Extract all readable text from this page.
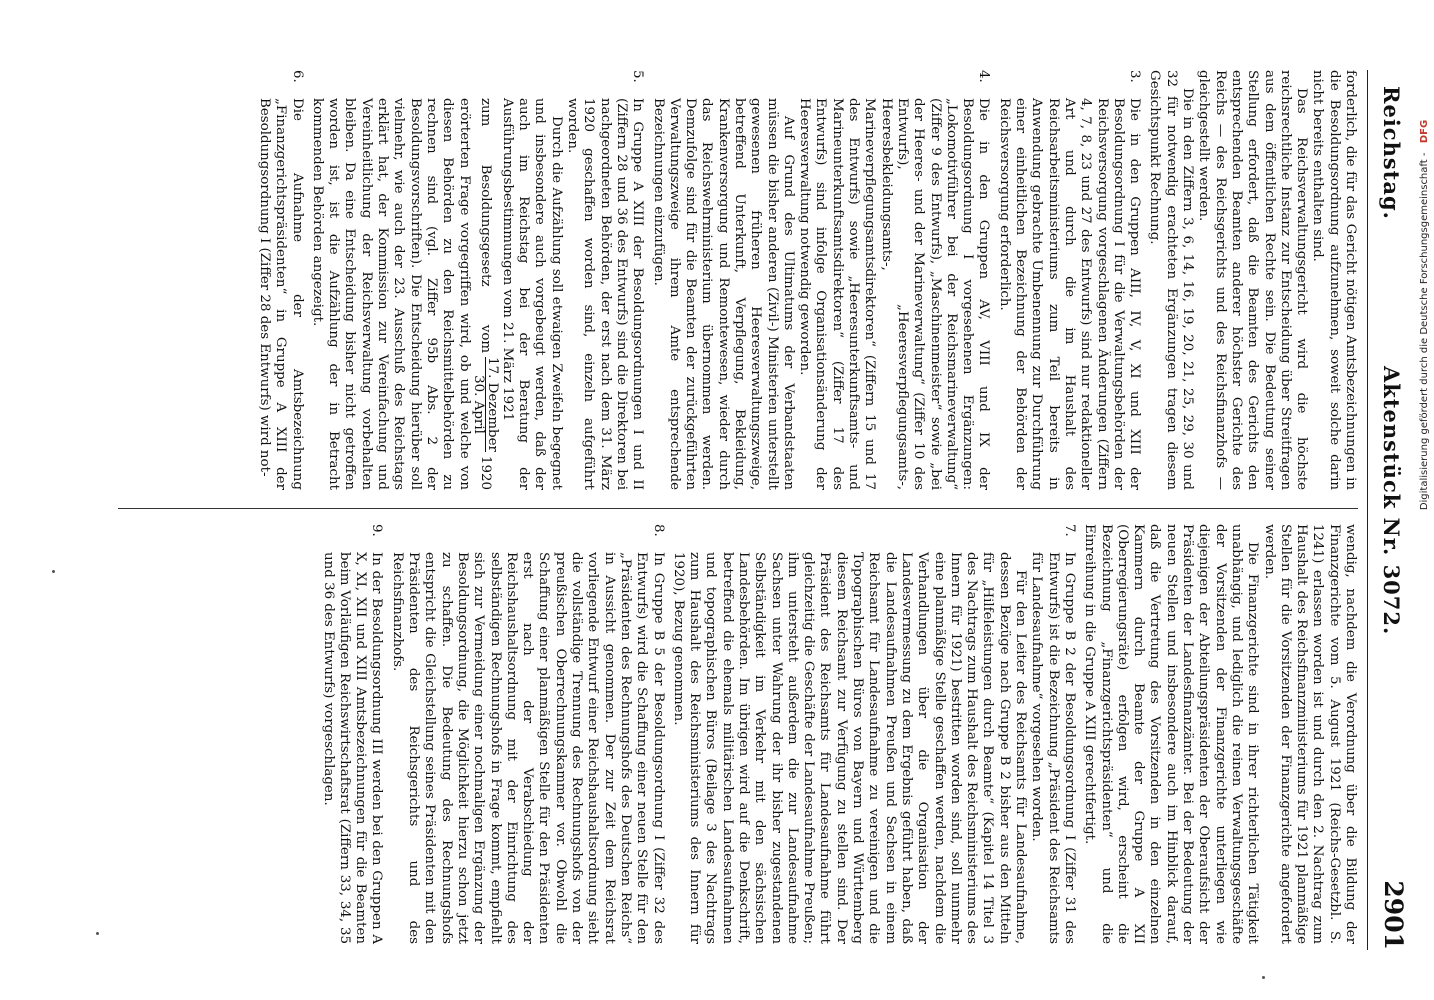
Reichstag.
Aktenstück Nr. 3072.
2901

forderlich, die für das Gericht nötigen Amtsbezeichnungen in die Besoldungsordnung aufzunehmen, soweit solche darin nicht bereits enthalten sind.

Das Reichsverwaltungsgericht wird die höchste reichsrechtliche Instanz zur Entscheidung über Streitfragen aus dem öffentlichen Rechte sein. Die Bedeutung seiner Stellung erfordert, daß die Beamten des Gerichts den entsprechenden Beamten anderer höchster Gerichte des Reichs — des Reichsgerichts und des Reichsfinanzhofs — gleichgestellt werden.

Die in den Ziffern 3, 6, 14, 16, 19, 20, 21, 25, 29, 30 und 32 für notwendig erachteten Ergänzungen tragen diesem Gesichtspunkt Rechnung.

3.

Die in den Gruppen AIII, IV, V, XI und XIII der Besoldungsordnung I für die Verwaltungsbehörden der Reichsversorgung vorgeschlagenen Änderungen (Ziffern 4, 7, 8, 23 und 27 des Entwurfs) sind nur redaktioneller Art und durch die im Haushalt des Reichsarbeitsministeriums zum Teil bereits in Anwendung gebrachte Umbenennung zur Durchführung einer einheitlichen Bezeichnung der Behörden der Reichsversorgung erforderlich.

4.

Die in den Gruppen AV, VIII und IX der Besoldungsordnung I vorgesehenen Ergänzungen: „Lokomotivführer bei der Reichsmarineverwaltung“ (Ziffer 9 des Entwurfs), „Maschinenmeister“ sowie „bei der Heeres- und der Marineverwaltung“ (Ziffer 10 des Entwurfs), „Heeresverpflegungsamts-, Heeresbekleidungsamts-, Marineverpflegungsamtsdirektoren“ (Ziffern 15 und 17 des Entwurfs) sowie „Heeresunterkunftsamts- und Marineunterkunftsamtsdirektoren“ (Ziffer 17 des Entwurfs) sind infolge Organisationsänderung der Heeresverwaltung notwendig geworden.

Auf Grund des Ultimatums der Verbandstaaten müssen die bisher anderen (Zivil-) Ministerien unterstellt gewesenen früheren Heeresverwaltungszweige, betreffend Unterkunft, Verpflegung, Bekleidung, Krankenversorgung und Remontewesen, wieder durch das Reichswehrministerium übernommen werden. Demzufolge sind für die Beamten der zurückgeführten Verwaltungszweige ihrem Amte entsprechende Bezeichnungen einzufügen.

5.

In Gruppe A XIII der Besoldungsordnungen I und II (Ziffern 28 und 36 des Entwurfs) sind die Direktoren bei nachgeordneten Behörden, der erst nach dem 31. März 1920 geschaffen worden sind, einzeln aufgeführt worden.

Durch die Aufzählung soll etwaigen Zweifeln begegnet und insbesondere auch vorgebeugt werden, daß der auch im Reichstag bei der Beratung der Ausführungsbestimmungen vom 21. März 1921

zum Besoldungsgesetz vom
17. Dezember
30. April
1920 erörterten Frage vorgegriffen wird, ob und welche von diesen Behörden zu den Reichsmittelbehörden zu rechnen sind (vgl. Ziffer 95b Abs. 2 der Besoldungsvorschriften). Die Entscheidung hierüber soll vielmehr, wie auch der 23. Ausschuß des Reichstags erklärt hat, der Kommission zur Vereinfachung und Vereinheitlichung der Reichsverwaltung vorbehalten bleiben. Da eine Entscheidung bisher nicht getroffen worden ist, ist die Aufzählung der in Betracht kommenden Behörden angezeigt.

6.

Die Aufnahme der Amtsbezeichnung „Finanzgerichtspräsidenten“ in Gruppe A XIII der Besoldungsordnung I (Ziffer 28 des Entwurfs) wird not-

wendig, nachdem die Verordnung über die Bildung der Finanzgerichte vom 5. August 1921 (Reichs-Gesetzbl. S. 1241) erlassen worden ist und durch den 2. Nachtrag zum Haushalt des Reichsfinanzministeriums für 1921 planmäßige Stellen für die Vorsitzenden der Finanzgerichte angefordert werden.

Die Finanzgerichte sind in ihrer richterlichen Tätigkeit unabhängig, und lediglich die reinen Verwaltungsgeschäfte der Vorsitzenden der Finanzgerichte unterliegen wie diejenigen der Abteilungspräsidenten der Oberaufsicht der Präsidenten der Landesfinanzämter. Bei der Bedeutung der neuen Stellen und insbesondere auch im Hinblick darauf, daß die Vertretung des Vorsitzenden in den einzelnen Kammern durch Beamte der Gruppe A XII (Oberregierungsräte) erfolgen wird, erscheint die Bezeichnung „Finanzgerichtspräsidenten“ und die Einreihung in die Gruppe A XIII gerechtfertigt.

7.

In Gruppe B 2 der Besoldungsordnung I (Ziffer 31 des Entwurfs) ist die Bezeichnung „Präsident des Reichsamts für Landesaufnahme“ vorgesehen worden.

Für den Leiter des Reichsamts für Landesaufnahme, dessen Bezüge nach Gruppe B 2 bisher aus den Mitteln für „Hilfeleistungen durch Beamte“ (Kapitel 14 Titel 3 des Nachtrags zum Haushalt des Reichsministeriums des Innern für 1921) bestritten worden sind, soll nunmehr eine planmäßige Stelle geschaffen werden, nachdem die Verhandlungen über die Organisation der Landesvermessung zu dem Ergebnis geführt haben, daß die Landesaufnahmen Preußen und Sachsen in einem Reichsamt für Landesaufnahme zu vereinigen und die Topographischen Büros von Bayern und Württemberg diesem Reichsamt zur Verfügung zu stellen sind. Der Präsident des Reichsamts für Landesaufnahme führt gleichzeitig die Geschäfte der Landesaufnahme Preußen; ihm untersteht außerdem die zur Landesaufnahme Sachsen unter Wahrung der ihr bisher zugestandenen Selbständigkeit im Verkehr mit den sächsischen Landesbehörden. Im übrigen wird auf die Denkschrift, betreffend die ehemals militärischen Landesaufnahmen und topographischen Büros (Beilage 3 des Nachtrags zum Haushalt des Reichsministeriums des Innern für 1920), Bezug genommen.

8.

In Gruppe B 5 der Besoldungsordnung I (Ziffer 32 des Entwurfs) wird die Schaffung einer neuen Stelle für den „Präsidenten des Rechnungshofs des Deutschen Reichs“ in Aussicht genommen. Der zur Zeit dem Reichsrat vorliegende Entwurf einer Reichshaushaltsordnung sieht die vollständige Trennung des Rechnungshofs von der preußischen Oberrechnungskammer vor. Obwohl die Schaffung einer planmäßigen Stelle für den Präsidenten erst nach der Verabschiedung der Reichshaushaltsordnung mit der Einrichtung des selbständigen Rechnungshofs in Frage kommt, empfiehlt sich zur Vermeidung einer nochmaligen Ergänzung der Besoldungsordnung, die Möglichkeit hierzu schon jetzt zu schaffen. Die Bedeutung des Rechnungshofs entspricht die Gleichstellung seines Präsidenten mit den Präsidenten des Reichsgerichts und des Reichsfinanzhofs.

9.

In der Besoldungsordnung III werden bei den Gruppen A X, XI, XII und XIII Amtsbezeichnungen für die Beamten beim Vorläufigen Reichswirtschaftsrat (Ziffern 33, 34, 35 und 36 des Entwurfs) vorgeschlagen.

Digitalisierung gefördert durch die Deutsche Forschungsgemeinschaft - DFG
